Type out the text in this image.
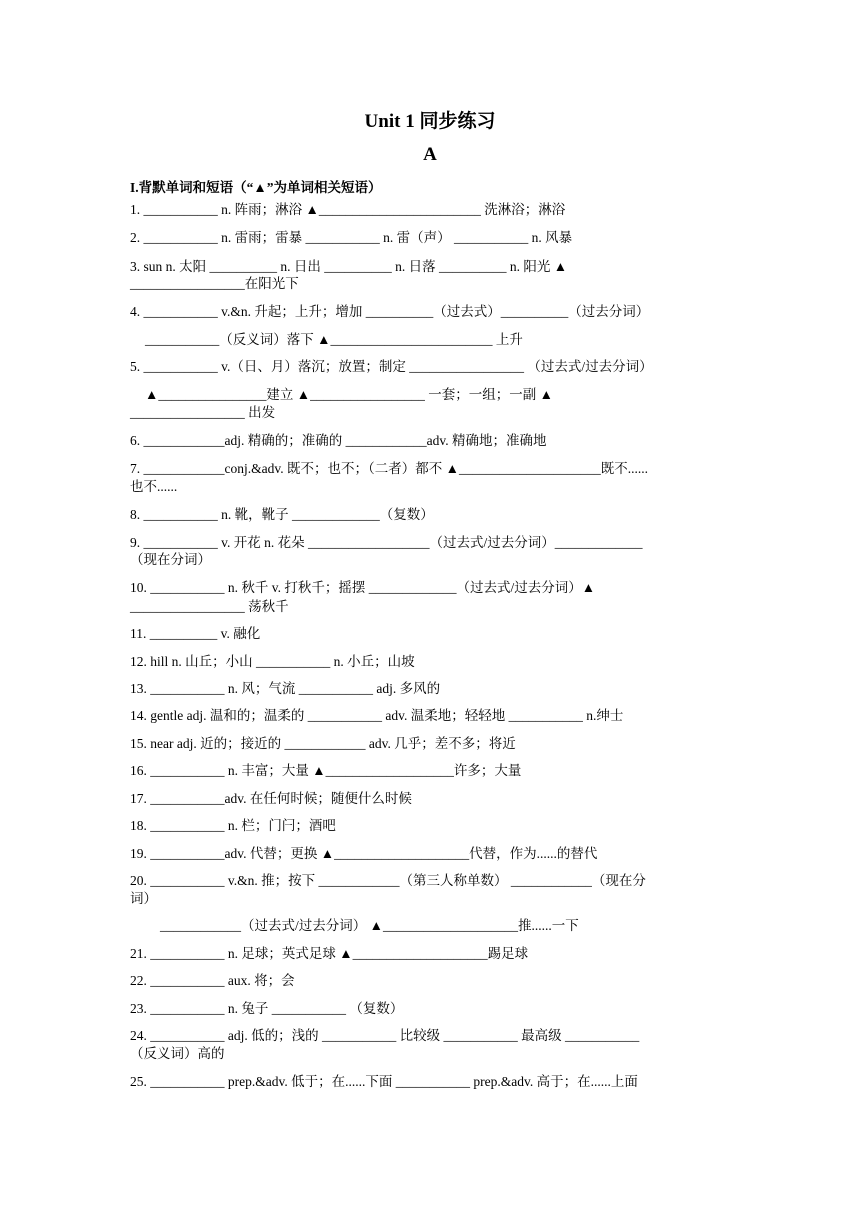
Unit 1 同步练习
A
I.背默单词和短语（“▲”为单词相关短语）
1. ___________ n. 阵雨；淋浴 ▲________________________ 洗淋浴；淋浴
2. ___________ n. 雷雨；雷暴 ___________ n. 雷（声） ___________ n. 风暴
3. sun n. 太阳 __________ n. 日出 __________ n. 日落 __________ n. 阳光 ▲
_________________在阳光下
4. ___________ v.&n. 升起；上升；增加 __________（过去式）__________（过去分词）
___________（反义词）落下 ▲________________________ 上升
5. ___________ v.（日、月）落沉；放置；制定 _________________ （过去式/过去分词）
▲________________建立 ▲_________________ 一套；一组；一副 ▲
_________________ 出发
6. ____________adj. 精确的；准确的 ____________adv. 精确地；准确地
7. ____________conj.&adv. 既不；也不；（二者）都不 ▲_____________________既不......
也不......
8. ___________ n. 靴，靴子 _____________（复数）
9. ___________ v. 开花 n. 花朵 __________________（过去式/过去分词）_____________
（现在分词）
10. ___________ n. 秋千 v. 打秋千；摇摆 _____________（过去式/过去分词）▲
_________________ 荡秋千
11. __________ v. 融化
12. hill n. 山丘；小山 ___________ n. 小丘；山坡
13. ___________ n. 风；气流 ___________ adj. 多风的
14. gentle adj. 温和的；温柔的 ___________ adv. 温柔地；轻轻地 ___________ n.绅士
15. near adj. 近的；接近的 ____________ adv. 几乎；差不多；将近
16. ___________ n. 丰富；大量 ▲___________________许多；大量
17. ___________adv. 在任何时候；随便什么时候
18. ___________ n. 栏；门闩；酒吧
19. ___________adv. 代替；更换 ▲____________________代替，作为......的替代
20. ___________ v.&n. 推；按下 ____________（第三人称单数） ____________（现在分
词）
____________（过去式/过去分词） ▲____________________推......一下
21. ___________ n. 足球；英式足球 ▲____________________踢足球
22. ___________ aux. 将；会
23. ___________ n. 兔子 ___________ （复数）
24. ___________ adj. 低的；浅的 ___________ 比较级 ___________ 最高级 ___________
（反义词）高的
25. ___________ prep.&adv. 低于；在......下面 ___________ prep.&adv. 高于；在......上面
